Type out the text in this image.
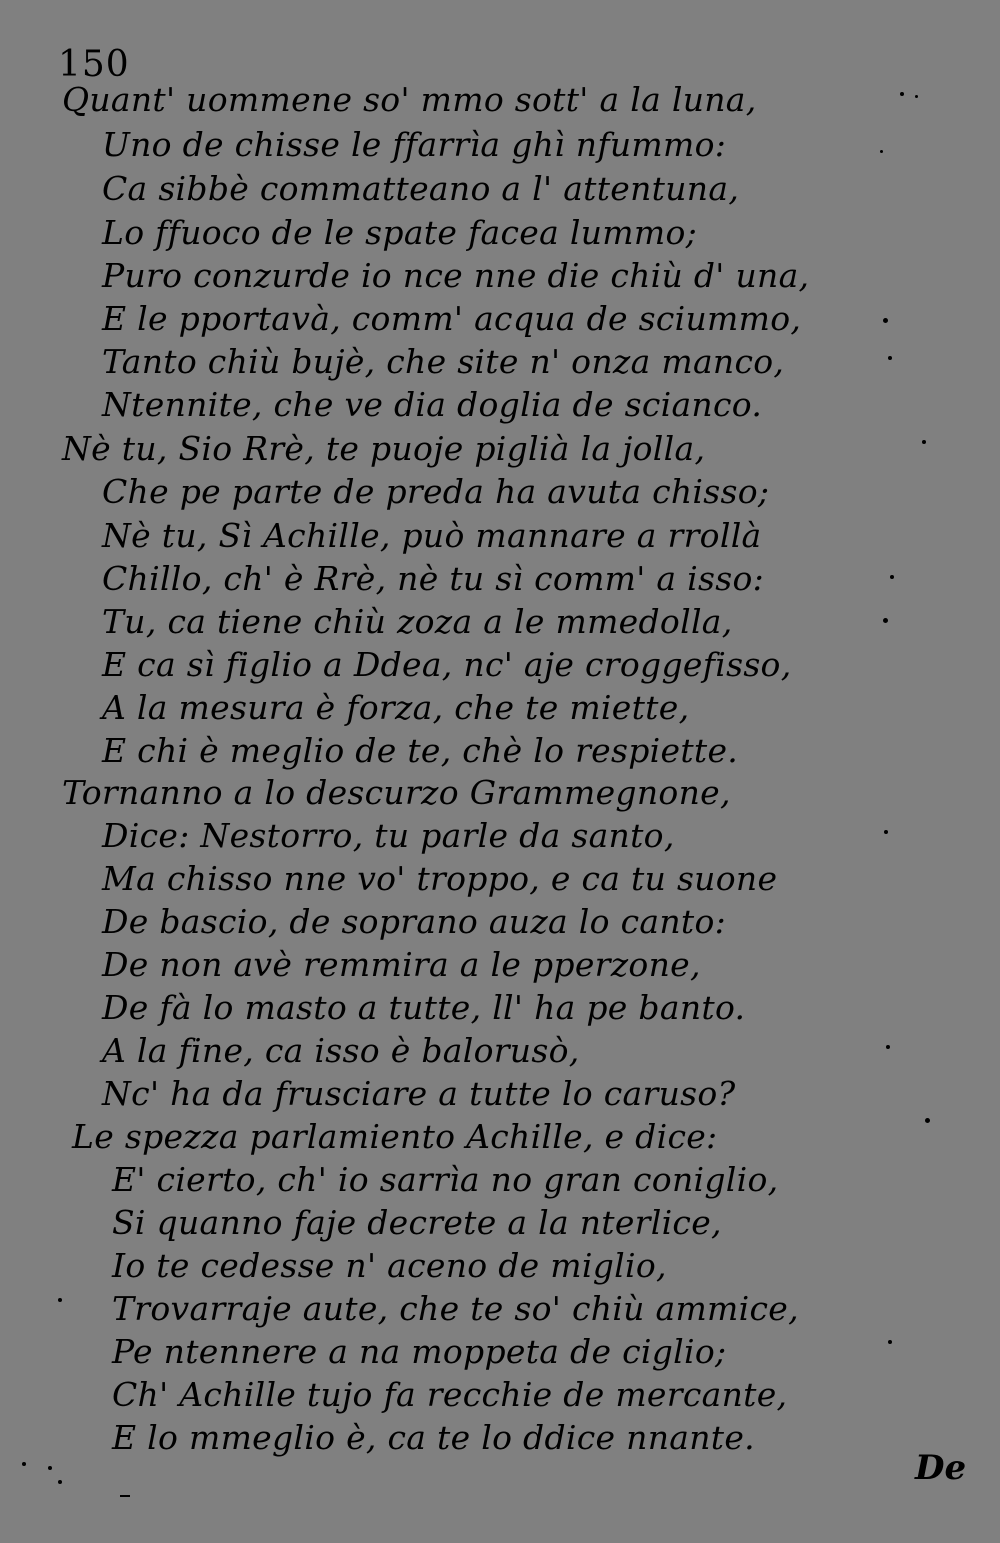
150
Quant' uommene so' mmo sott' a la luna,
Uno de chisse le ffarrìa ghì nfummo:
Ca sibbè commatteano a l' attentuna,
Lo ffuoco de le spate facea lummo;
Puro conzurde io nce nne die chiù d' una,
E le pportavà, comm' acqua de sciummo,
Tanto chiù bujè, che site n' onza manco,
Ntennite, che ve dia doglia de scianco.
Nè tu, Sio Rrè, te puoje piglià la jolla,
Che pe parte de preda ha avuta chisso;
Nè tu, Sì Achille, può mannare a rrollà
Chillo, ch' è Rrè, nè tu sì comm' a isso:
Tu, ca tiene chiù zoza a le mmedolla,
E ca sì figlio a Ddea, nc' aje croggefisso,
A la mesura è forza, che te miette,
E chi è meglio de te, chè lo respiette.
Tornanno a lo descurzo Grammegnone,
Dice: Nestorro, tu parle da santo,
Ma chisso nne vo' troppo, e ca tu suone
De bascio, de soprano auza lo canto:
De non avè remmira a le pperzone,
De fà lo masto a tutte, ll' ha pe banto.
A la fine, ca isso è balorusò,
Nc' ha da frusciare a tutte lo caruso?
Le spezza parlamiento Achille, e dice:
E' cierto, ch' io sarrìa no gran coniglio,
Si quanno faje decrete a la nterlice,
Io te cedesse n' aceno de miglio,
Trovarraje aute, che te so' chiù ammice,
Pe ntennere a na moppeta de ciglio;
Ch' Achille tujo fa recchie de mercante,
E lo mmeglio è, ca te lo ddice nnante.
De
